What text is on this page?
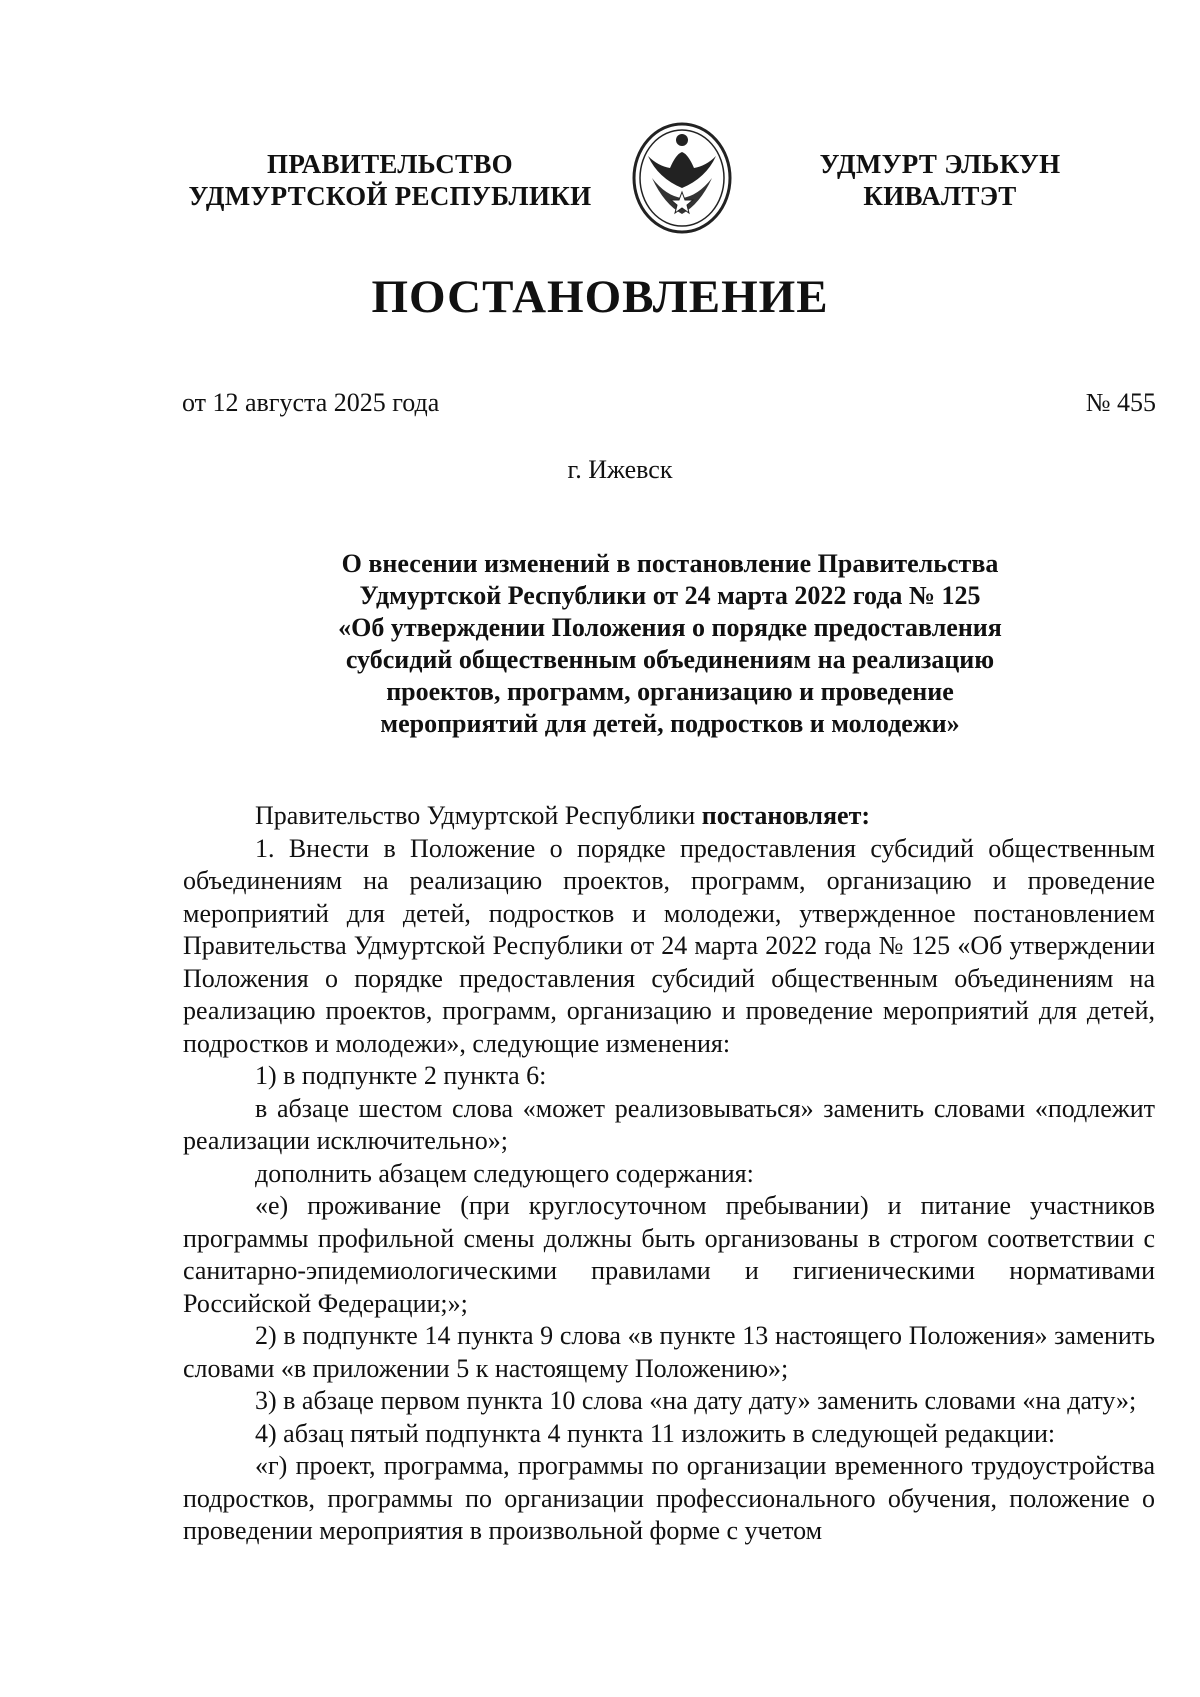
ПРАВИТЕЛЬСТВО
УДМУРТСКОЙ РЕСПУБЛИКИ
УДМУРТ ЭЛЬКУН
КИВАЛТЭТ
ПОСТАНОВЛЕНИЕ
от 12 августа 2025 года	№ 455
г. Ижевск
О внесении изменений в постановление Правительства
Удмуртской Республики от 24 марта 2022 года № 125
«Об утверждении Положения о порядке предоставления
субсидий общественным объединениям на реализацию
проектов, программ, организацию и проведение
мероприятий для детей, подростков и молодежи»

Правительство Удмуртской Республики постановляет:

1. Внести в Положение о порядке предоставления субсидий общественным объединениям на реализацию проектов, программ, организацию и проведение мероприятий для детей, подростков и молодежи, утвержденное постановлением Правительства Удмуртской Республики от 24 марта 2022 года № 125 «Об утверждении Положения о порядке предоставления субсидий общественным объединениям на реализацию проектов, программ, организацию и проведение мероприятий для детей, подростков и молодежи», следующие изменения:

1) в подпункте 2 пункта 6:

в абзаце шестом слова «может реализовываться» заменить словами «подлежит реализации исключительно»;

дополнить абзацем следующего содержания:

«е) проживание (при круглосуточном пребывании) и питание участников программы профильной смены должны быть организованы в строгом соответствии с санитарно-эпидемиологическими правилами и гигиеническими нормативами Российской Федерации;»;

2) в подпункте 14 пункта 9 слова «в пункте 13 настоящего Положения» заменить словами «в приложении 5 к настоящему Положению»;

3) в абзаце первом пункта 10 слова «на дату дату» заменить словами «на дату»;

4) абзац пятый подпункта 4 пункта 11 изложить в следующей редакции:

«г) проект, программа, программы по организации временного трудоустройства подростков, программы по организации профессионального обучения, положение о проведении мероприятия в произвольной форме с учетом
